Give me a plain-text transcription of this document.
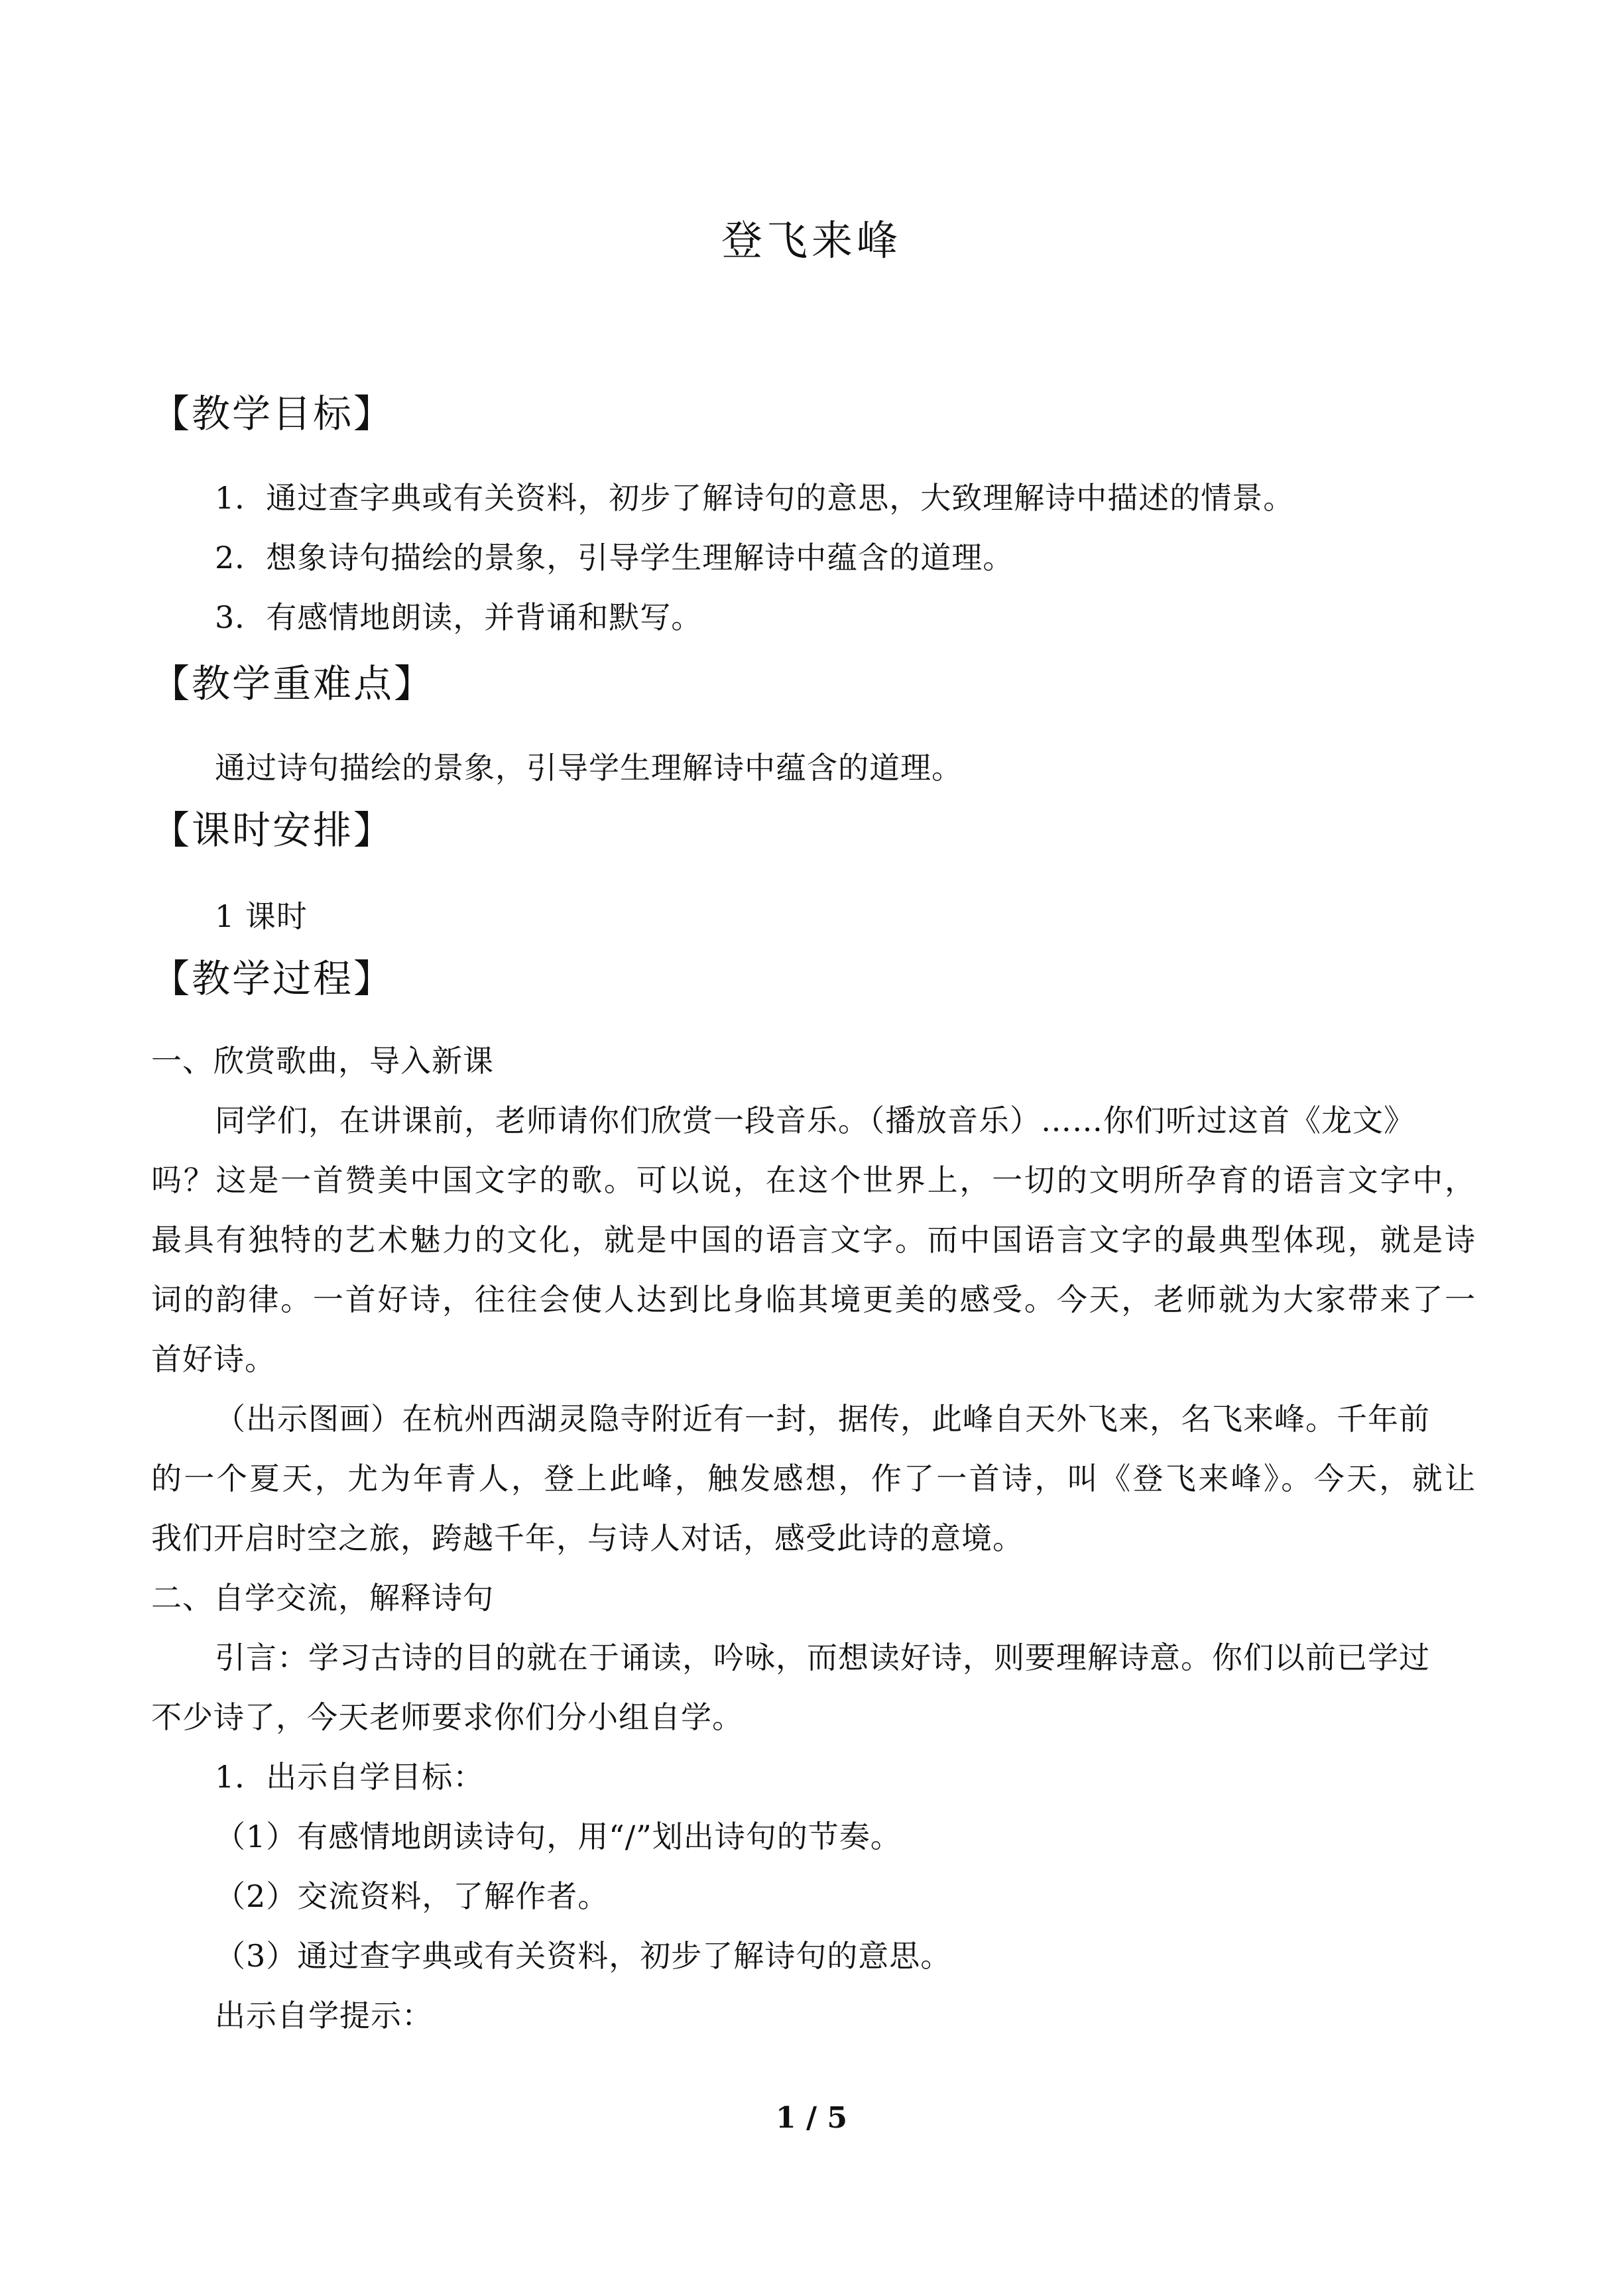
登飞来峰
【教学目标】
1．通过查字典或有关资料，初步了解诗句的意思，大致理解诗中描述的情景。
2．想象诗句描绘的景象，引导学生理解诗中蕴含的道理。
3．有感情地朗读，并背诵和默写。
【教学重难点】
通过诗句描绘的景象，引导学生理解诗中蕴含的道理。
【课时安排】
1 课时
【教学过程】
一、欣赏歌曲，导入新课
同学们，在讲课前，老师请你们欣赏一段音乐。（播放音乐）……你们听过这首《龙文》
吗？这是一首赞美中国文字的歌。可以说，在这个世界上，一切的文明所孕育的语言文字中，
最具有独特的艺术魅力的文化，就是中国的语言文字。而中国语言文字的最典型体现，就是诗
词的韵律。一首好诗，往往会使人达到比身临其境更美的感受。今天，老师就为大家带来了一
首好诗。
（出示图画）在杭州西湖灵隐寺附近有一封，据传，此峰自天外飞来，名飞来峰。千年前
的一个夏天，尤为年青人，登上此峰，触发感想，作了一首诗，叫《登飞来峰》。今天，就让
我们开启时空之旅，跨越千年，与诗人对话，感受此诗的意境。
二、自学交流，解释诗句
引言：学习古诗的目的就在于诵读，吟咏，而想读好诗，则要理解诗意。你们以前已学过
不少诗了，今天老师要求你们分小组自学。
1．出示自学目标：
（1）有感情地朗读诗句，用“/”划出诗句的节奏。
（2）交流资料，了解作者。
（3）通过查字典或有关资料，初步了解诗句的意思。
出示自学提示：
1 / 5
